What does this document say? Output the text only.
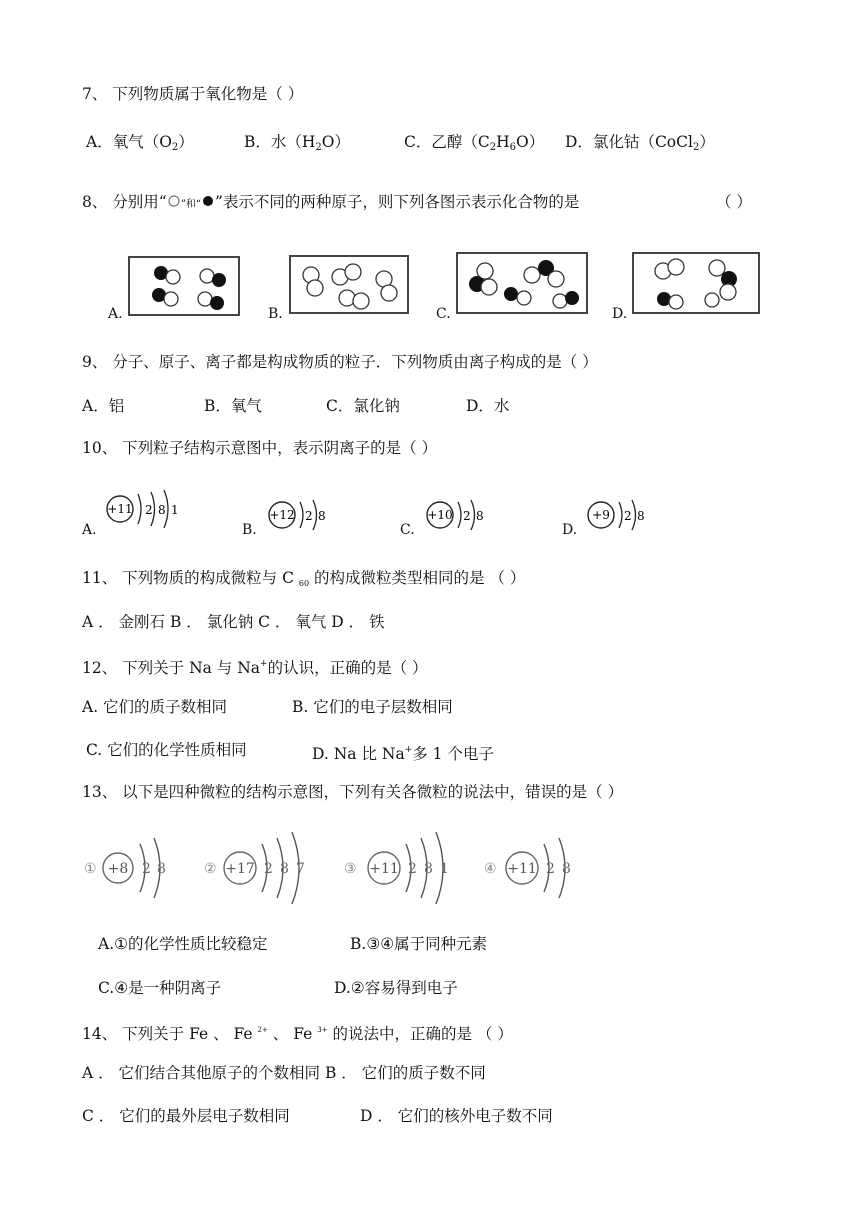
7、 下列物质属于氧化物是（ ）
A．氧气$(O_2)$	B．水$(H_2O)$	C．乙醇$(C_2H_6O)$ D．氯化钴（CoCl$_2$）
8、 分别用“ ”和“ ”表示不同的两种原子，则下列各图示表示化合物的是	（ ）
A.	B.	C.	D.
9、 分子、原子、离子都是构成物质的粒子．下列物质由离子构成的是（ ）
A．铝	B．氧气	C．氯化钠	D．水
10、 下列粒子结构示意图中，表示阴离子的是（ ）
A.
+11 2 8 1
B.
+12 2 8
C.
+10 2 8
D.
+9 2 8
11、 下列物质的构成微粒与 C $_{60}$ 的构成微粒类型相同的是 （ ）
A ． 金刚石 B ． 氯化钠 C ． 氧气 D ． 铁
12、 下列关于 Na 与 Na+的认识，正确的是（ ）
A. 它们的质子数相同	B. 它们的电子层数相同
C. 它们的化学性质相同	D. Na 比 Na+多 1 个电子
13、 以下是四种微粒的结构示意图，下列有关各微粒的说法中，错误的是（ ）
① +8 2 8	② +17 2 8 7	③ +11 2 8 1	④ +11 2 8
A.①的化学性质比较稳定	B.③④属于同种元素
C.④是一种阴离子	D.②容易得到电子
14、 下列关于 Fe 、 Fe $^{2+}$ 、 Fe $^{3+}$ 的说法中，正确的是 （ ）
A ． 它们结合其他原子的个数相同 B ． 它们的质子数不同
C ． 它们的最外层电子数相同	D ． 它们的核外电子数不同
